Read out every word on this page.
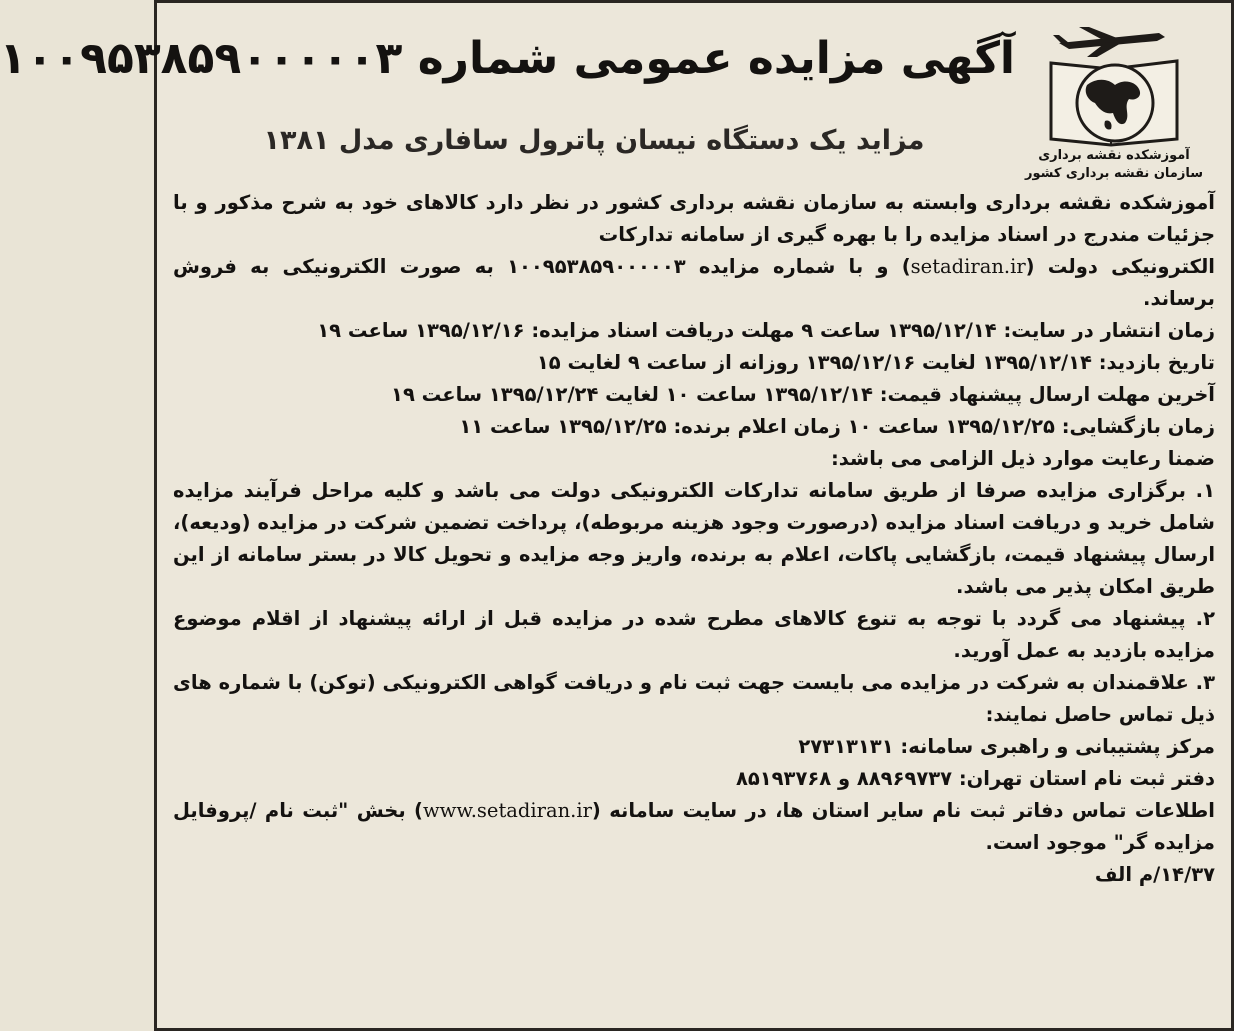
آموزشکده نقشه برداری
سازمان نقشه برداری کشور
آگهی مزایده عمومی شماره ۱۰۰۹۵۳۸۵۹۰۰۰۰۰۳
مزاید یک دستگاه نیسان پاترول سافاری مدل ۱۳۸۱

آموزشکده نقشه برداری وابسته به سازمان نقشه برداری کشور در نظر دارد کالاهای خود به شرح مذکور و با جزئیات مندرج در اسناد مزایده را با بهره گیری از سامانه تدارکات

الکترونیکی دولت (setadiran.ir) و با شماره مزایده ۱۰۰۹۵۳۸۵۹۰۰۰۰۰۳ به صورت الکترونیکی به فروش برساند.

زمان انتشار در سایت: ۱۳۹۵/۱۲/۱۴ ساعت ۹ مهلت دریافت اسناد مزایده: ۱۳۹۵/۱۲/۱۶ ساعت ۱۹

تاریخ بازدید: ۱۳۹۵/۱۲/۱۴ لغایت ۱۳۹۵/۱۲/۱۶ روزانه از ساعت ۹ لغایت ۱۵

آخرین مهلت ارسال پیشنهاد قیمت: ۱۳۹۵/۱۲/۱۴ ساعت ۱۰ لغایت ۱۳۹۵/۱۲/۲۴ ساعت ۱۹

زمان بازگشایی: ۱۳۹۵/۱۲/۲۵ ساعت ۱۰ زمان اعلام برنده: ۱۳۹۵/۱۲/۲۵ ساعت ۱۱

ضمنا رعایت موارد ذیل الزامی می باشد:

۱. برگزاری مزایده صرفا از طریق سامانه تدارکات الکترونیکی دولت می باشد و کلیه مراحل فرآیند مزایده شامل خرید و دریافت اسناد مزایده (درصورت وجود هزینه مربوطه)، پرداخت تضمین شرکت در مزایده (ودیعه)، ارسال پیشنهاد قیمت، بازگشایی پاکات، اعلام به برنده، واریز وجه مزایده و تحویل کالا در بستر سامانه از این طریق امکان پذیر می باشد.

۲. پیشنهاد می گردد با توجه به تنوع کالاهای مطرح شده در مزایده قبل از ارائه پیشنهاد از اقلام موضوع مزایده بازدید به عمل آورید.

۳. علاقمندان به شرکت در مزایده می بایست جهت ثبت نام و دریافت گواهی الکترونیکی (توکن) با شماره های ذیل تماس حاصل نمایند:

مرکز پشتیبانی و راهبری سامانه: ۲۷۳۱۳۱۳۱

دفتر ثبت نام استان تهران: ۸۸۹۶۹۷۳۷ و ۸۵۱۹۳۷۶۸

اطلاعات تماس دفاتر ثبت نام سایر استان ها، در سایت سامانه (www.setadiran.ir) بخش "ثبت نام /پروفایل مزایده گر" موجود است.

۱۴/۳۷/م الف
